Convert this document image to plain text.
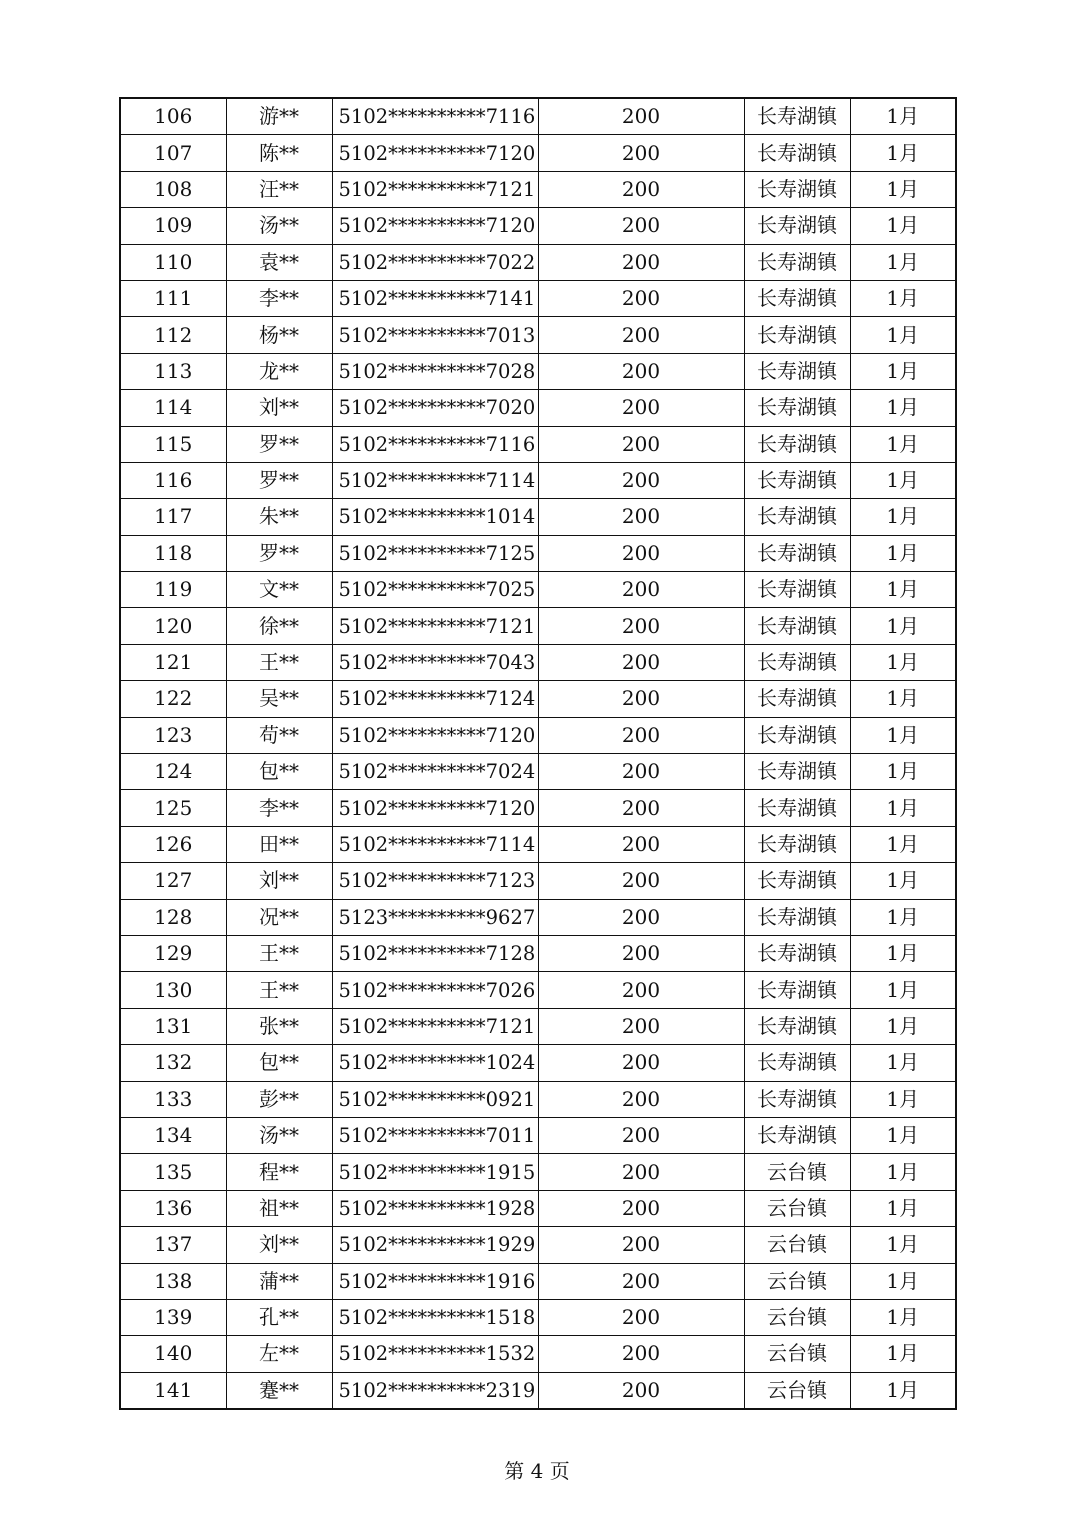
106	游**	5102**********7116	200	长寿湖镇	1月
107	陈**	5102**********7120	200	长寿湖镇	1月
108	汪**	5102**********7121	200	长寿湖镇	1月
109	汤**	5102**********7120	200	长寿湖镇	1月
110	袁**	5102**********7022	200	长寿湖镇	1月
111	李**	5102**********7141	200	长寿湖镇	1月
112	杨**	5102**********7013	200	长寿湖镇	1月
113	龙**	5102**********7028	200	长寿湖镇	1月
114	刘**	5102**********7020	200	长寿湖镇	1月
115	罗**	5102**********7116	200	长寿湖镇	1月
116	罗**	5102**********7114	200	长寿湖镇	1月
117	朱**	5102**********1014	200	长寿湖镇	1月
118	罗**	5102**********7125	200	长寿湖镇	1月
119	文**	5102**********7025	200	长寿湖镇	1月
120	徐**	5102**********7121	200	长寿湖镇	1月
121	王**	5102**********7043	200	长寿湖镇	1月
122	吴**	5102**********7124	200	长寿湖镇	1月
123	苟**	5102**********7120	200	长寿湖镇	1月
124	包**	5102**********7024	200	长寿湖镇	1月
125	李**	5102**********7120	200	长寿湖镇	1月
126	田**	5102**********7114	200	长寿湖镇	1月
127	刘**	5102**********7123	200	长寿湖镇	1月
128	况**	5123**********9627	200	长寿湖镇	1月
129	王**	5102**********7128	200	长寿湖镇	1月
130	王**	5102**********7026	200	长寿湖镇	1月
131	张**	5102**********7121	200	长寿湖镇	1月
132	包**	5102**********1024	200	长寿湖镇	1月
133	彭**	5102**********0921	200	长寿湖镇	1月
134	汤**	5102**********7011	200	长寿湖镇	1月
135	程**	5102**********1915	200	云台镇	1月
136	祖**	5102**********1928	200	云台镇	1月
137	刘**	5102**********1929	200	云台镇	1月
138	蒲**	5102**********1916	200	云台镇	1月
139	孔**	5102**********1518	200	云台镇	1月
140	左**	5102**********1532	200	云台镇	1月
141	蹇**	5102**********2319	200	云台镇	1月
第 4 页
